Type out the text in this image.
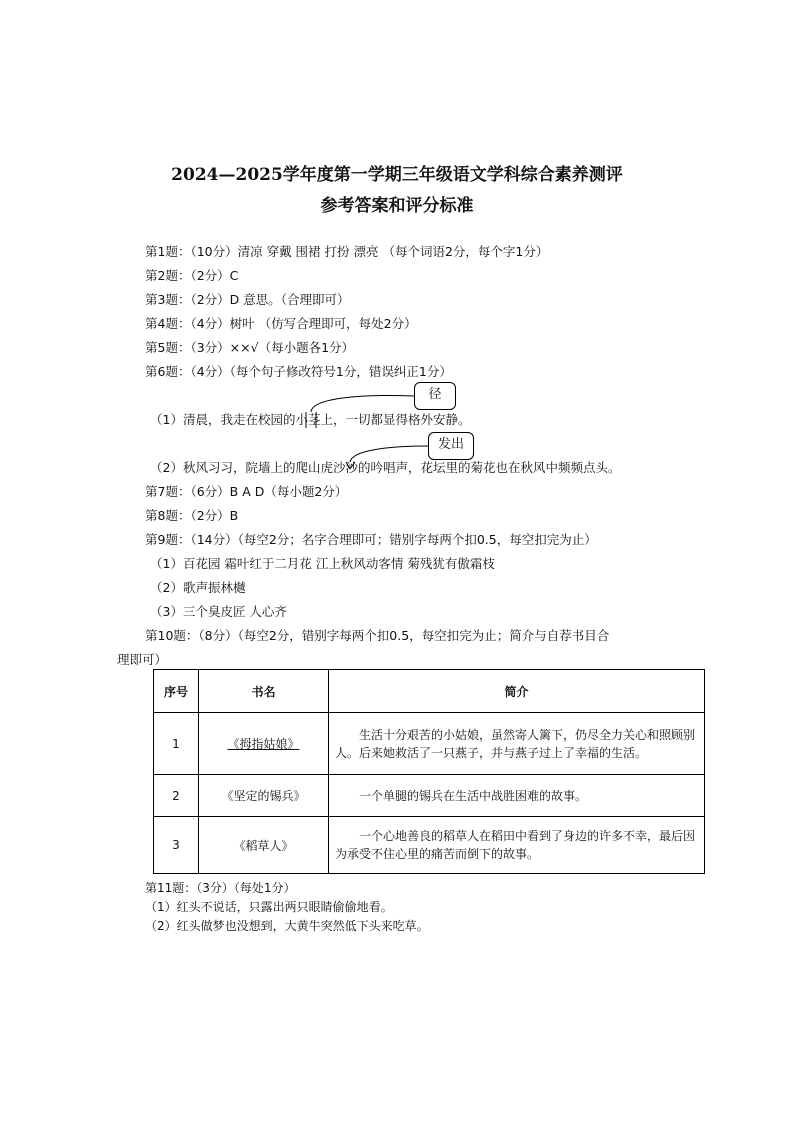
2024—2025学年度第一学期三年级语文学科综合素养测评
参考答案和评分标准
第1题：（10分）清凉 穿戴 围裙 打扮 漂亮 （每个词语2分，每个字1分）
第2题：（2分）C
第3题：（2分）D 意思。（合理即可）
第4题：（4分）树叶 （仿写合理即可，每处2分）
第5题：（3分）××√（每小题各1分）
第6题：（4分）（每个句子修改符号1分，错误纠正1分）
径
（1）清晨，我走在校园的小茎上，一切都显得格外安静。
发出
（2）秋风习习，院墙上的爬山虎沙沙的吟唱声，花坛里的菊花也在秋风中频频点头。
第7题：（6分）B A D（每小题2分）
第8题：（2分）B
第9题：（14分）（每空2分；名字合理即可；错别字每两个扣0.5，每空扣完为止）
（1）百花园 霜叶红于二月花 江上秋风动客情 菊残犹有傲霜枝
（2）歌声振林樾
（3）三个臭皮匠 人心齐
第10题：（8分）（每空2分，错别字每两个扣0.5，每空扣完为止；简介与自荐书目合
理即可）
序号	书名	简介
1	《拇指姑娘》	生活十分艰苦的小姑娘，虽然寄人篱下，仍尽全力关心和照顾别人。后来她救活了一只燕子，并与燕子过上了幸福的生活。
2	《坚定的锡兵》	一个单腿的锡兵在生活中战胜困难的故事。
3	《稻草人》	一个心地善良的稻草人在稻田中看到了身边的许多不幸，最后因为承受不住心里的痛苦而倒下的故事。
第11题：（3分）（每处1分）
（1）红头不说话，只露出两只眼睛偷偷地看。
（2）红头做梦也没想到，大黄牛突然低下头来吃草。
